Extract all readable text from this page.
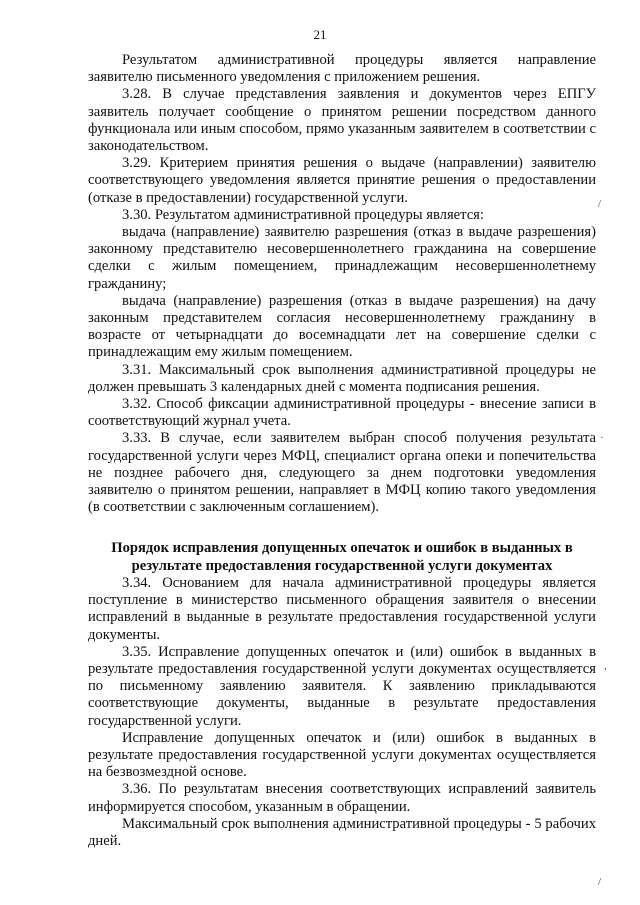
21

Результатом административной процедуры является направление заявителю письменного уведомления с приложением решения.

3.28. В случае представления заявления и документов через ЕПГУ заявитель получает сообщение о принятом решении посредством данного функционала или иным способом, прямо указанным заявителем в соответствии с законодательством.

3.29. Критерием принятия решения о выдаче (направлении) заявителю соответствующего уведомления является принятие решения о предоставлении (отказе в предоставлении) государственной услуги.

3.30. Результатом административной процедуры является:

выдача (направление) заявителю разрешения (отказ в выдаче разрешения) законному представителю несовершеннолетнего гражданина на совершение сделки с жилым помещением, принадлежащим несовершеннолетнему гражданину;

выдача (направление) разрешения (отказ в выдаче разрешения) на дачу законным представителем согласия несовершеннолетнему гражданину в возрасте от четырнадцати до восемнадцати лет на совершение сделки с принадлежащим ему жилым помещением.

3.31. Максимальный срок выполнения административной процедуры не должен превышать 3 календарных дней с момента подписания решения.

3.32. Способ фиксации административной процедуры - внесение записи в соответствующий журнал учета.

3.33. В случае, если заявителем выбран способ получения результата государственной услуги через МФЦ, специалист органа опеки и попечительства не позднее рабочего дня, следующего за днем подготовки уведомления заявителю о принятом решении, направляет в МФЦ копию такого уведомления (в соответствии с заключенным соглашением).

Порядок исправления допущенных опечаток и ошибок в выданных в результате предоставления государственной услуги документах

3.34. Основанием для начала административной процедуры является поступление в министерство письменного обращения заявителя о внесении исправлений в выданные в результате предоставления государственной услуги документы.

3.35. Исправление допущенных опечаток и (или) ошибок в выданных в результате предоставления государственной услуги документах осуществляется по письменному заявлению заявителя. К заявлению прикладываются соответствующие документы, выданные в результате предоставления государственной услуги.

Исправление допущенных опечаток и (или) ошибок в выданных в результате предоставления государственной услуги документах осуществляется на безвозмездной основе.

3.36. По результатам внесения соответствующих исправлений заявитель информируется способом, указанным в обращении.

Максимальный срок выполнения административной процедуры - 5 рабочих дней.

/
·
,
/
